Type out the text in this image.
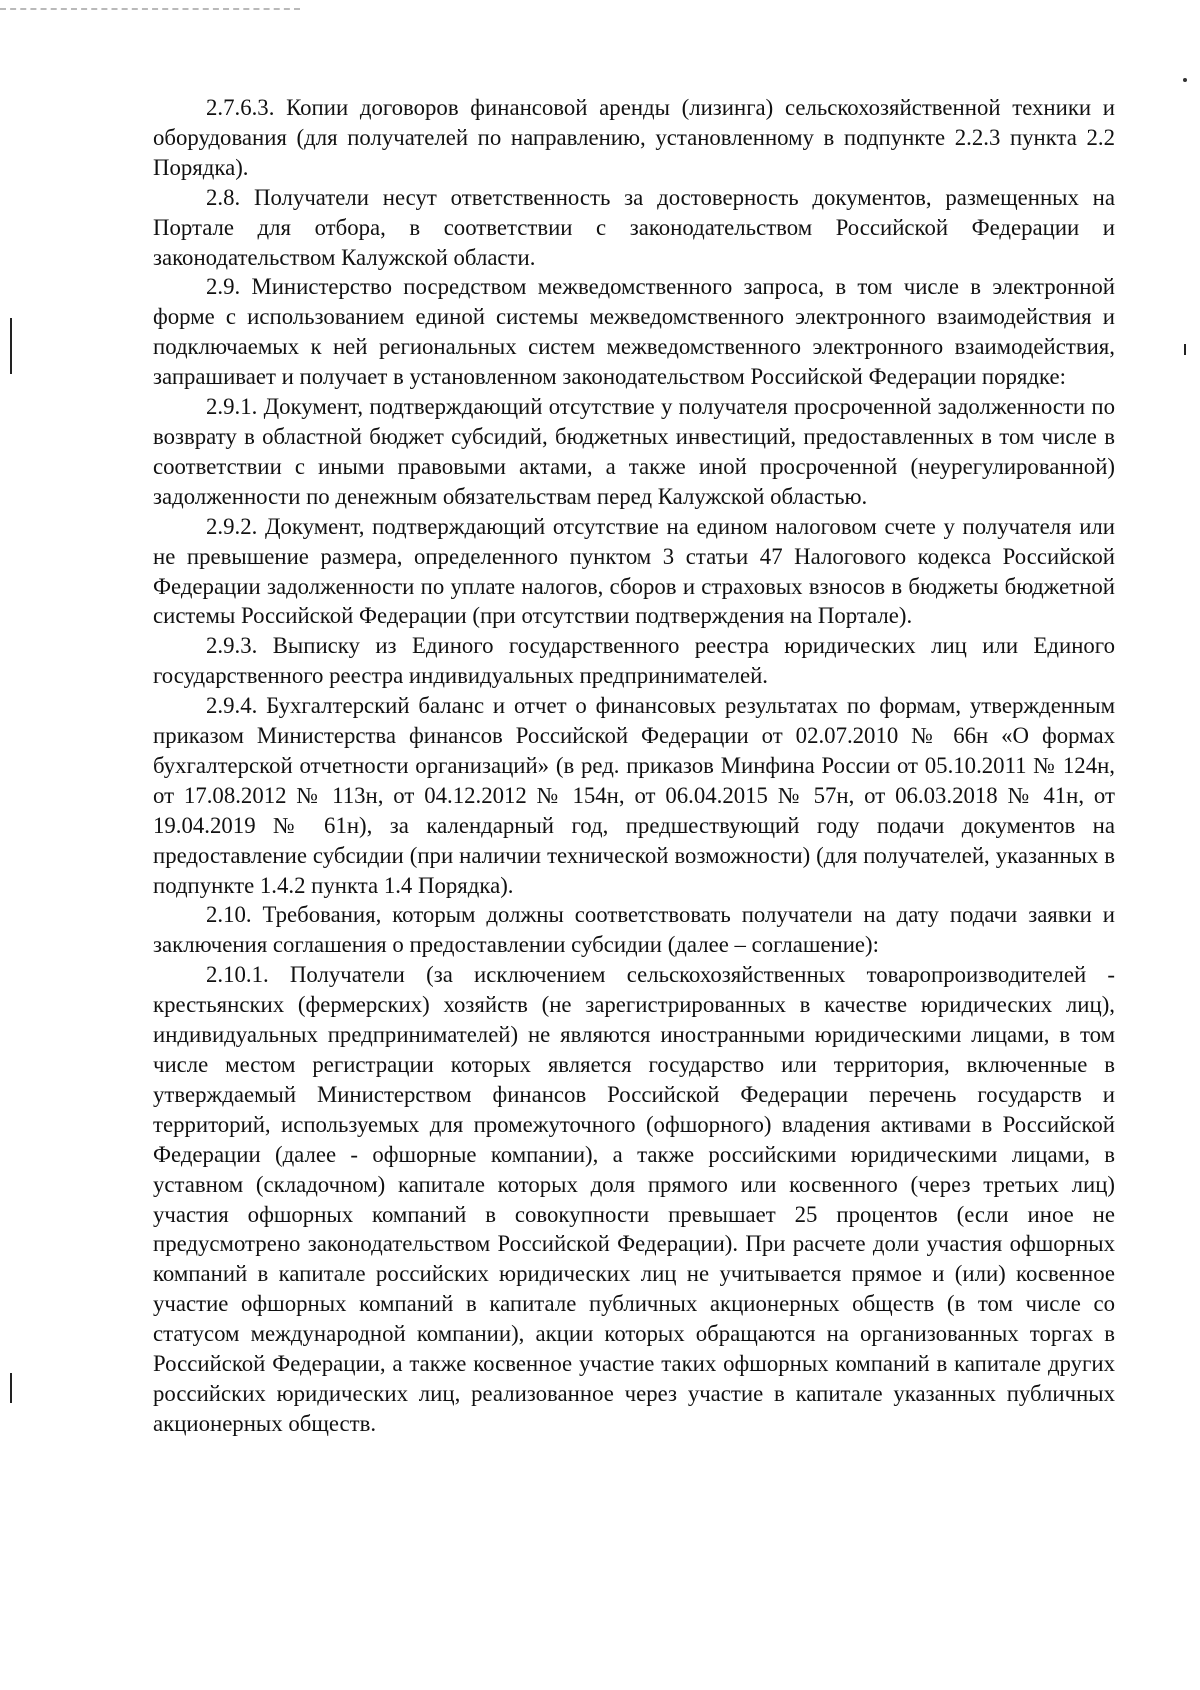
2.7.6.3. Копии договоров финансовой аренды (лизинга) сельскохозяйственной техники и оборудования (для получателей по направлению, установленному в подпункте 2.2.3 пункта 2.2 Порядка).

2.8. Получатели несут ответственность за достоверность документов, размещенных на Портале для отбора, в соответствии с законодательством Российской Федерации и законодательством Калужской области.

2.9. Министерство посредством межведомственного запроса, в том числе в электронной форме с использованием единой системы межведомственного электронного взаимодействия и подключаемых к ней региональных систем межведомственного электронного взаимодействия, запрашивает и получает в установленном законодательством Российской Федерации порядке:

2.9.1. Документ, подтверждающий отсутствие у получателя просроченной задолженности по возврату в областной бюджет субсидий, бюджетных инвестиций, предоставленных в том числе в соответствии с иными правовыми актами, а также иной просроченной (неурегулированной) задолженности по денежным обязательствам перед Калужской областью.

2.9.2. Документ, подтверждающий отсутствие на едином налоговом счете у получателя или не превышение размера, определенного пунктом 3 статьи 47 Налогового кодекса Российской Федерации задолженности по уплате налогов, сборов и страховых взносов в бюджеты бюджетной системы Российской Федерации (при отсутствии подтверждения на Портале).

2.9.3. Выписку из Единого государственного реестра юридических лиц или Единого государственного реестра индивидуальных предпринимателей.

2.9.4. Бухгалтерский баланс и отчет о финансовых результатах по формам, утвержденным приказом Министерства финансов Российской Федерации от 02.07.2010 № 66н «О формах бухгалтерской отчетности организаций» (в ред. приказов Минфина России от 05.10.2011 № 124н, от 17.08.2012 № 113н, от 04.12.2012 № 154н, от 06.04.2015 № 57н, от 06.03.2018 № 41н, от 19.04.2019 № 61н), за календарный год, предшествующий году подачи документов на предоставление субсидии (при наличии технической возможности) (для получателей, указанных в подпункте 1.4.2 пункта 1.4 Порядка).

2.10. Требования, которым должны соответствовать получатели на дату подачи заявки и заключения соглашения о предоставлении субсидии (далее – соглашение):

2.10.1. Получатели (за исключением сельскохозяйственных товаропроизводителей - крестьянских (фермерских) хозяйств (не зарегистрированных в качестве юридических лиц), индивидуальных предпринимателей) не являются иностранными юридическими лицами, в том числе местом регистрации которых является государство или территория, включенные в утверждаемый Министерством финансов Российской Федерации перечень государств и территорий, используемых для промежуточного (офшорного) владения активами в Российской Федерации (далее - офшорные компании), а также российскими юридическими лицами, в уставном (складочном) капитале которых доля прямого или косвенного (через третьих лиц) участия офшорных компаний в совокупности превышает 25 процентов (если иное не предусмотрено законодательством Российской Федерации). При расчете доли участия офшорных компаний в капитале российских юридических лиц не учитывается прямое и (или) косвенное участие офшорных компаний в капитале публичных акционерных обществ (в том числе со статусом международной компании), акции которых обращаются на организованных торгах в Российской Федерации, а также косвенное участие таких офшорных компаний в капитале других российских юридических лиц, реализованное через участие в капитале указанных публичных акционерных обществ.
